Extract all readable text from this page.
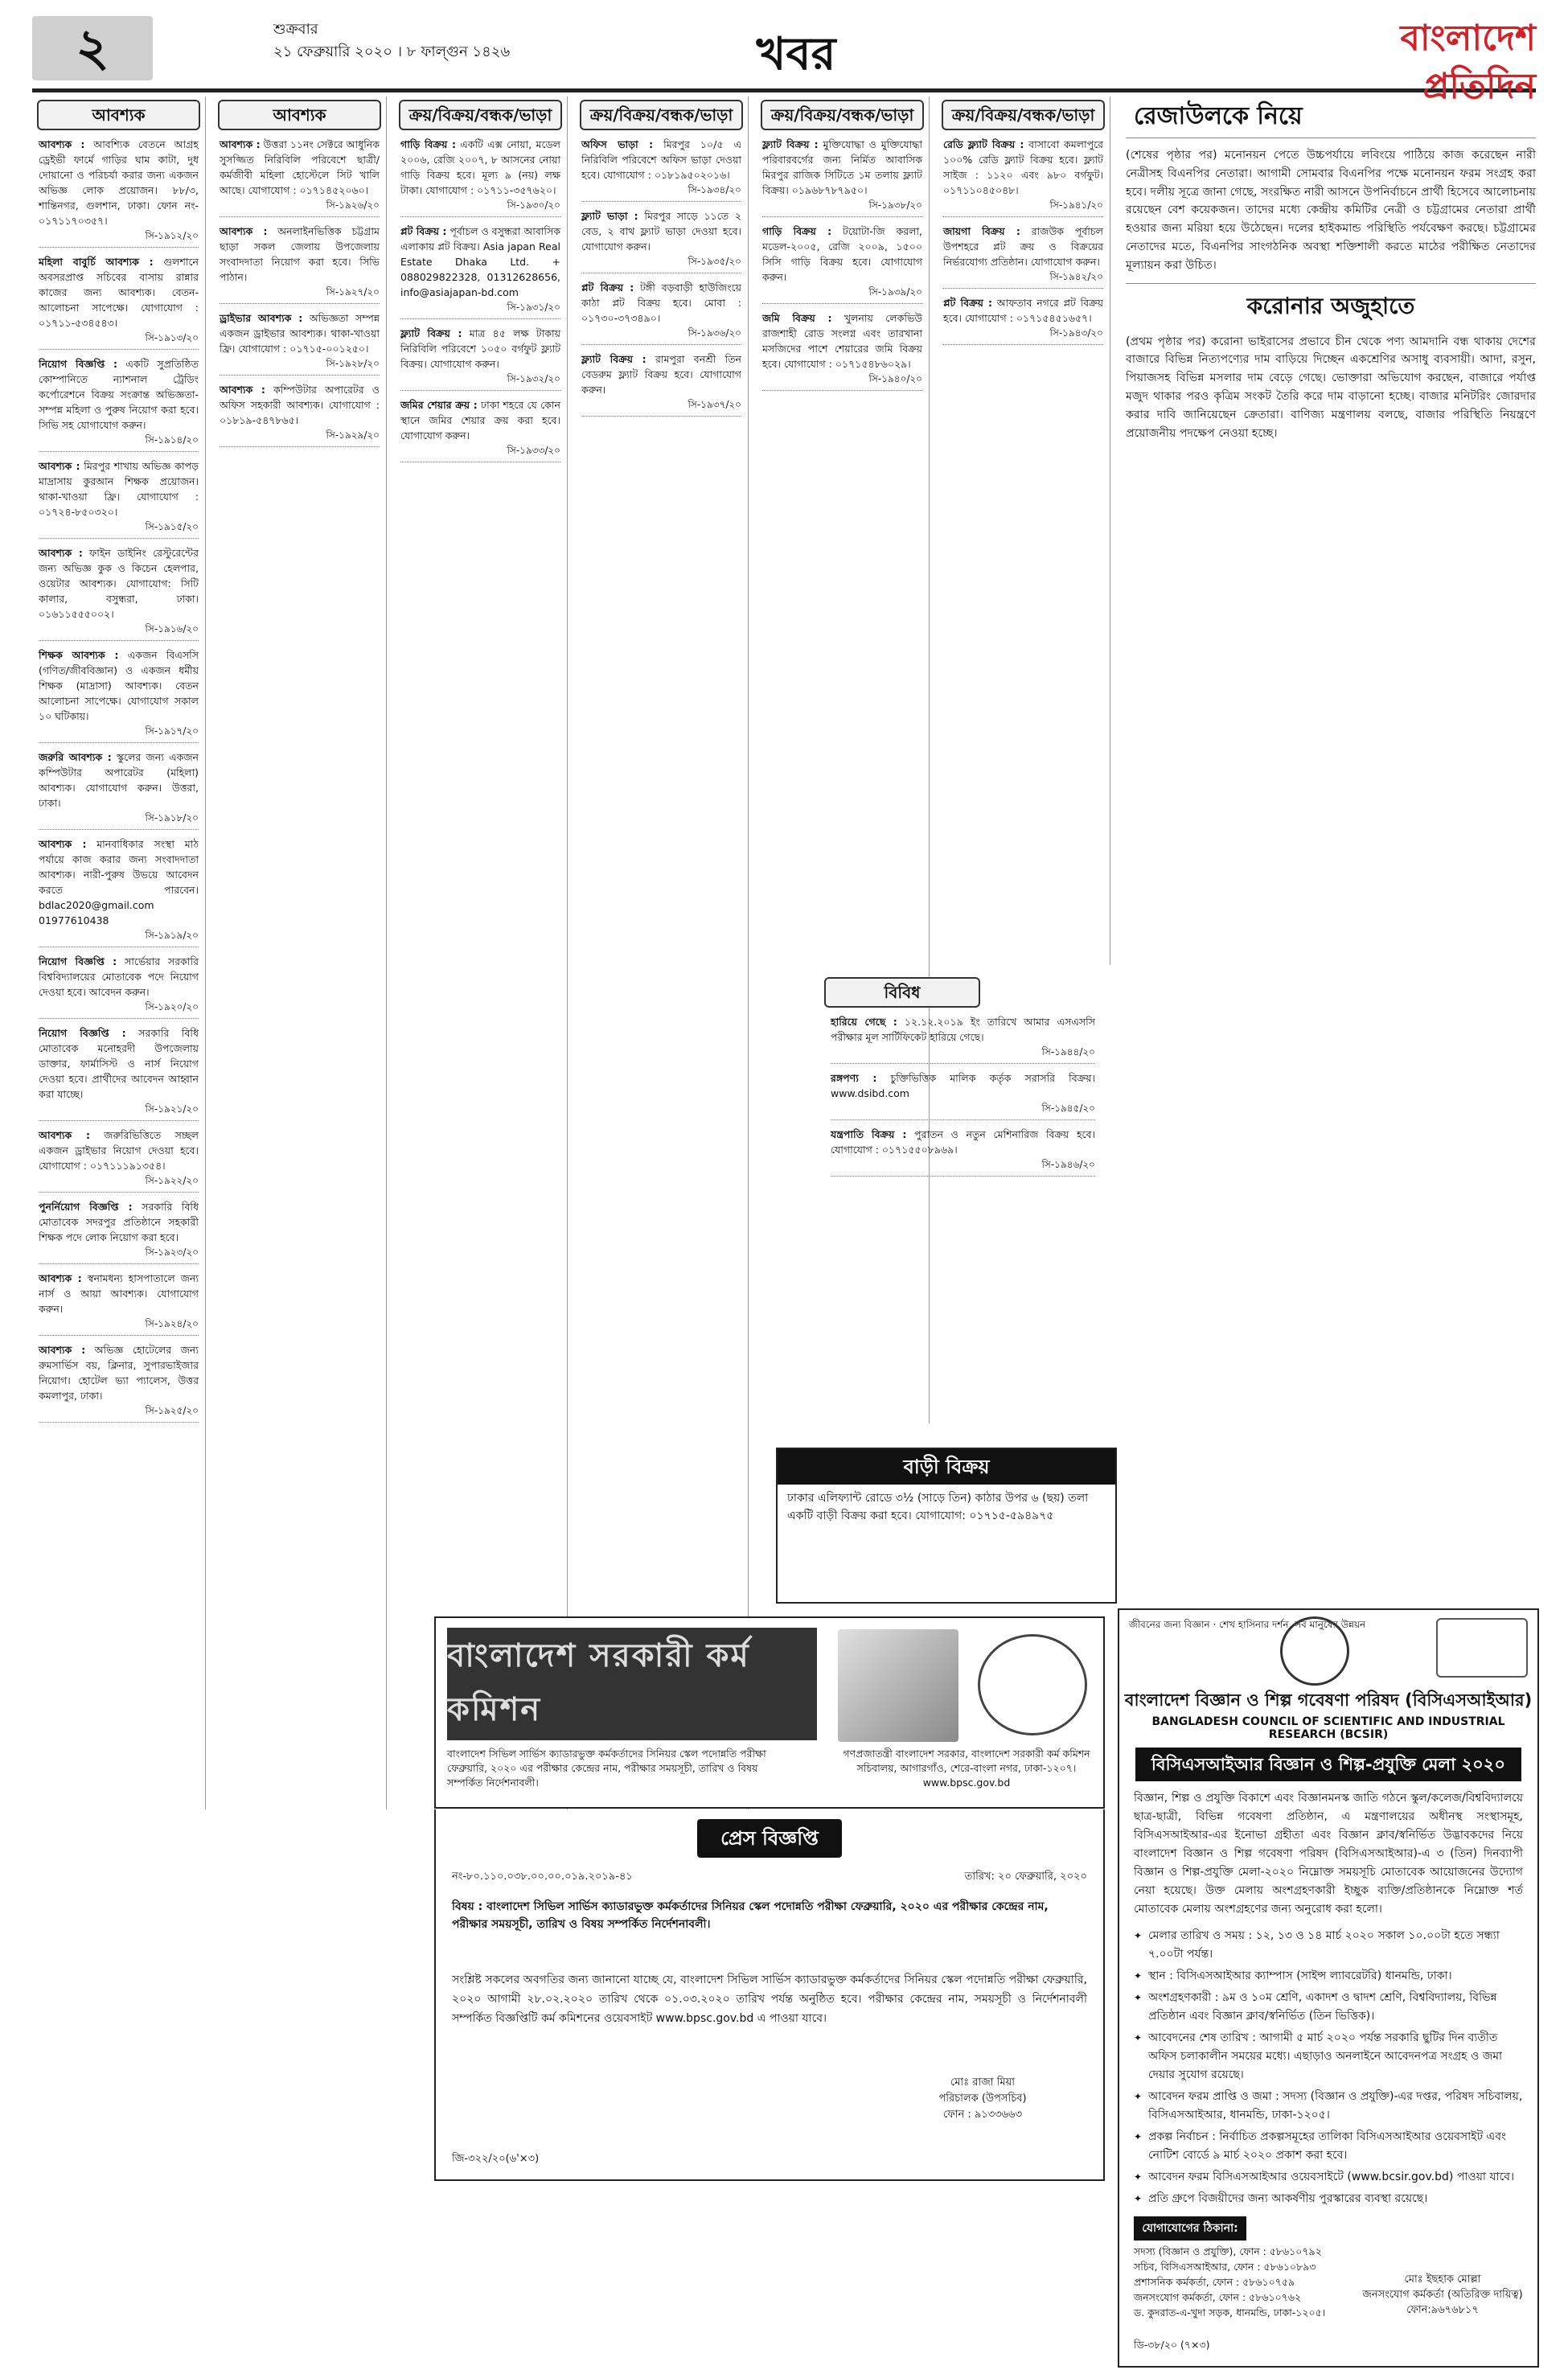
২	শুক্রবার
২১ ফেব্রুয়ারি ২০২০ । ৮ ফাল্গুন ১৪২৬	খবর	বাংলাদেশ প্রতিদিন
আবশ্যক
আবশ্যক : আবশ্যিক বেতনে আগ্রহ ড্রেইভী ফার্মে গাড়ির ঘাম কাটা, দুধ দোয়ানো ও পরিচর্যা করার জন্য একজন অভিজ্ঞ লোক প্রয়োজন। ৮৮/৩, শান্তিনগর, গুলশান, ঢাকা। ফোন নং- ০১৭১১৭০৩৫৭।
সি-১৯১২/২০
মহিলা বাবুর্চি আবশ্যক : গুলশানে অবসরপ্রাপ্ত সচিবের বাসায় রান্নার কাজের জন্য আবশ্যক। বেতন-আলোচনা সাপেক্ষে। যোগাযোগ : ০১৭১১-৫৩৪৫৪৩।
সি-১৯১৩/২০
নিয়োগ বিজ্ঞপ্তি : একটি সুপ্রতিষ্ঠিত কোম্পানিতে ন্যাশনাল ট্রেডিং কর্পোরেশনে বিক্রয় সংক্রান্ত অভিজ্ঞতা-সম্পন্ন মহিলা ও পুরুষ নিয়োগ করা হবে। সিভি সহ যোগাযোগ করুন।
সি-১৯১৪/২০
আবশ্যক : মিরপুর শাখায় অভিজ্ঞ কাপড় মাদ্রাসায় কুরআন শিক্ষক প্রয়োজন। থাকা-খাওয়া ফ্রি। যোগাযোগ : ০১৭২৪-৮৫০৩২০।
সি-১৯১৫/২০
আবশ্যক : ফাইন ডাইনিং রেস্টুরেন্টের জন্য অভিজ্ঞ কুক ও কিচেন হেলপার, ওয়েটার আবশ্যক। যোগাযোগ: সিটি কালার, বসুন্ধরা, ঢাকা। ০১৬১১৫৫৫০০২।
সি-১৯১৬/২০
শিক্ষক আবশ্যক : একজন বিএসসি (গণিত/জীববিজ্ঞান) ও একজন ধর্মীয় শিক্ষক (মাদ্রাসা) আবশ্যক। বেতন আলোচনা সাপেক্ষে। যোগাযোগ সকাল ১০ ঘটিকায়।
সি-১৯১৭/২০
জরুরি আবশ্যক : স্কুলের জন্য একজন কম্পিউটার অপারেটর (মহিলা) আবশ্যক। যোগাযোগ করুন। উত্তরা, ঢাকা।
সি-১৯১৮/২০
আবশ্যক : মানবাধিকার সংস্থা মাঠ পর্যায়ে কাজ করার জন্য সংবাদদাতা আবশ্যক। নারী-পুরুষ উভয়ে আবেদন করতে পারবেন। bdlac2020@gmail.com 01977610438
সি-১৯১৯/২০
নিয়োগ বিজ্ঞপ্তি : সার্ভেয়ার সরকারি বিশ্ববিদ্যালয়ের মোতাবেক পদে নিয়োগ দেওয়া হবে। আবেদন করুন।
সি-১৯২০/২০
নিয়োগ বিজ্ঞপ্তি : সরকারি বিধি মোতাবেক মনোহরদী উপজেলায় ডাক্তার, ফার্মাসিস্ট ও নার্স নিয়োগ দেওয়া হবে। প্রার্থীদের আবেদন আহ্বান করা যাচ্ছে।
সি-১৯২১/২০
আবশ্যক : জরুরিভিত্তিতে সচ্ছল একজন ড্রাইভার নিয়োগ দেওয়া হবে। যোগাযোগ : ০১৭১১১৯১৩৫৪।
সি-১৯২২/২০
পুনর্নিয়োগ বিজ্ঞপ্তি : সরকারি বিধি মোতাবেক সদরপুর প্রতিষ্ঠানে সহকারী শিক্ষক পদে লোক নিয়োগ করা হবে।
সি-১৯২৩/২০
আবশ্যক : স্বনামধন্য হাসপাতালে জন্য নার্স ও আয়া আবশ্যক। যোগাযোগ করুন।
সি-১৯২৪/২০
আবশ্যক : অভিজ্ঞ হোটেলের জন্য রুমসার্ভিস বয়, ক্লিনার, সুপারভাইজার নিয়োগ। হোটেল ভ্যা প্যালেস, উত্তর কমলাপুর, ঢাকা।
সি-১৯২৫/২০
আবশ্যক
আবশ্যক : উত্তরা ১১নং সেক্টরে আধুনিক সুসজ্জিত নিরিবিলি পরিবেশে ছাত্রী/কর্মজীবী মহিলা হোস্টেলে সিট খালি আছে। যোগাযোগ : ০১৭১৪৫২০৬০।
সি-১৯২৬/২০
আবশ্যক : অনলাইনভিত্তিক চট্টগ্রাম ছাড়া সকল জেলায় উপজেলায় সংবাদদাতা নিয়োগ করা হবে। সিভি পাঠান।
সি-১৯২৭/২০
ড্রাইভার আবশ্যক : অভিজ্ঞতা সম্পন্ন একজন ড্রাইভার আবশ্যক। থাকা-খাওয়া ফ্রি। যোগাযোগ : ০১৭১৫-০০১২৫০।
সি-১৯২৮/২০
আবশ্যক : কম্পিউটার অপারেটর ও অফিস সহকারী আবশ্যক। যোগাযোগ : ০১৮১৯-৫৪৭৮৬৫।
সি-১৯২৯/২০
ক্রয়/বিক্রয়/বন্ধক/ভাড়া
গাড়ি বিক্রয় : একটি এক্স নোয়া, মডেল ২০০৬, রেজি ২০০৭, ৮ আসনের নোয়া গাড়ি বিক্রয় হবে। মূল্য ৯ (নয়) লক্ষ টাকা। যোগাযোগ : ০১৭১১-৩৫৭৬২০।
সি-১৯৩০/২০
প্লট বিক্রয় : পূর্বাচল ও বসুন্ধরা আবাসিক এলাকায় প্লট বিক্রয়। Asia japan Real Estate Dhaka Ltd. + 088029822328, 01312628656, info@asiajapan-bd.com
সি-১৯৩১/২০
ফ্ল্যাট বিক্রয় : মাত্র ৪৫ লক্ষ টাকায় নিরিবিলি পরিবেশে ১০৫০ বর্গফুট ফ্ল্যাট বিক্রয়। যোগাযোগ করুন।
সি-১৯৩২/২০
জমির শেয়ার ক্রয় : ঢাকা শহরে যে কোন স্থানে জমির শেয়ার ক্রয় করা হবে। যোগাযোগ করুন।
সি-১৯৩৩/২০
ক্রয়/বিক্রয়/বন্ধক/ভাড়া
অফিস ভাড়া : মিরপুর ১০/৫ এ নিরিবিলি পরিবেশে অফিস ভাড়া দেওয়া হবে। যোগাযোগ : ০১৮১৯৫০২০১৬।
সি-১৯৩৪/২০
ফ্ল্যাট ভাড়া : মিরপুর সাড়ে ১১তে ২ বেড, ২ বাথ ফ্ল্যাট ভাড়া দেওয়া হবে। যোগাযোগ করুন।
সি-১৯৩৫/২০
প্লট বিক্রয় : টঙ্গী বড়বাড়ী হাউজিংয়ে কাঠা প্লট বিক্রয় হবে। মোবা : ০১৭৩০-৩৭৩৪৯০।
সি-১৯৩৬/২০
ফ্ল্যাট বিক্রয় : রামপুরা বনশ্রী তিন বেডরুম ফ্ল্যাট বিক্রয় হবে। যোগাযোগ করুন।
সি-১৯৩৭/২০
ক্রয়/বিক্রয়/বন্ধক/ভাড়া
ফ্ল্যাট বিক্রয় : মুক্তিযোদ্ধা ও মুক্তিযোদ্ধা পরিবারবর্গের জন্য নির্মিত আবাসিক মিরপুর রাজিক সিটিতে ১ম তলায় ফ্ল্যাট বিক্রয়। ০১৯৬৮৭৮৭৯৫০।
সি-১৯৩৮/২০
গাড়ি বিক্রয় : টয়োটা-জি করলা, মডেল-২০০৫, রেজি ২০০৯, ১৫০০ সিসি গাড়ি বিক্রয় হবে। যোগাযোগ করুন।
সি-১৯৩৯/২০
জমি বিক্রয় : খুলনায় লেকভিউ রাজশাহী রোড সংলগ্ন এবং তারখানা মসজিদের পাশে শেয়ারের জমি বিক্রয় হবে। যোগাযোগ : ০১৭১৫৪৮৬০২৯।
সি-১৯৪০/২০
ক্রয়/বিক্রয়/বন্ধক/ভাড়া
রেডি ফ্ল্যাট বিক্রয় : বাসাবো কমলাপুরে ১০০% রেডি ফ্ল্যাট বিক্রয় হবে। ফ্ল্যাট সাইজ : ১১২০ এবং ৯৮০ বর্গফুট। ০১৭১১০৪৫০৪৮।
সি-১৯৪১/২০
জায়গা বিক্রয় : রাজউক পূর্বাচল উপশহরে প্লট ক্রয় ও বিক্রয়ের নির্ভরযোগ্য প্রতিষ্ঠান। যোগাযোগ করুন।
সি-১৯৪২/২০
প্লট বিক্রয় : আফতাব নগরে প্লট বিক্রয় হবে। যোগাযোগ : ০১৭১৫৪৫১৬৫৭।
সি-১৯৪৩/২০
বিবিধ
হারিয়ে গেছে : ১২.১২.২০১৯ ইং তারিখে আমার এসএসসি পরীক্ষার মূল সার্টিফিকেট হারিয়ে গেছে।
সি-১৯৪৪/২০
রঙ্গপণ্য : চুক্তিভিত্তিক মালিক কর্তৃক সরাসরি বিক্রয়। www.dsibd.com
সি-১৯৪৫/২০
যন্ত্রপাতি বিক্রয় : পুরাতন ও নতুন মেশিনারিজ বিক্রয় হবে। যোগাযোগ : ০১৭১৫৫০৮৯৬৯।
সি-১৯৪৬/২০
রেজাউলকে নিয়ে
(শেষের পৃষ্ঠার পর) মনোনয়ন পেতে উচ্চপর্যায়ে লবিংয়ে পাঠিয়ে কাজ করেছেন নারী নেত্রীসহ বিএনপির নেতারা। আগামী সোমবার বিএনপির পক্ষে মনোনয়ন ফরম সংগ্রহ করা হবে। দলীয় সূত্রে জানা গেছে, সংরক্ষিত নারী আসনে উপনির্বাচনে প্রার্থী হিসেবে আলোচনায় রয়েছেন বেশ কয়েকজন। তাদের মধ্যে কেন্দ্রীয় কমিটির নেত্রী ও চট্টগ্রামের নেতারা প্রার্থী হওয়ার জন্য মরিয়া হয়ে উঠেছেন। দলের হাইকমান্ড পরিস্থিতি পর্যবেক্ষণ করছে। চট্টগ্রামের নেতাদের মতে, বিএনপির সাংগঠনিক অবস্থা শক্তিশালী করতে মাঠের পরীক্ষিত নেতাদের মূল্যায়ন করা উচিত।
করোনার অজুহাতে
(প্রথম পৃষ্ঠার পর) করোনা ভাইরাসের প্রভাবে চীন থেকে পণ্য আমদানি বন্ধ থাকায় দেশের বাজারে বিভিন্ন নিত্যপণ্যের দাম বাড়িয়ে দিচ্ছেন একশ্রেণির অসাধু ব্যবসায়ী। আদা, রসুন, পিয়াজসহ বিভিন্ন মসলার দাম বেড়ে গেছে। ভোক্তারা অভিযোগ করছেন, বাজারে পর্যাপ্ত মজুদ থাকার পরও কৃত্রিম সংকট তৈরি করে দাম বাড়ানো হচ্ছে। বাজার মনিটরিং জোরদার করার দাবি জানিয়েছেন ক্রেতারা। বাণিজ্য মন্ত্রণালয় বলছে, বাজার পরিস্থিতি নিয়ন্ত্রণে প্রয়োজনীয় পদক্ষেপ নেওয়া হচ্ছে।
বাড়ী বিক্রয়
ঢাকার এলিফ্যান্ট রোডে ৩½ (সাড়ে তিন) কাঠার উপর ৬ (ছয়) তলা একটি বাড়ী বিক্রয় করা হবে। যোগাযোগ: ০১৭১৫-৫৯৪৯৭৫
বাংলাদেশ সরকারী কর্ম কমিশন
বাংলাদেশ সিভিল সার্ভিস ক্যাডারভুক্ত কর্মকর্তাদের সিনিয়র স্কেল পদোন্নতি পরীক্ষা ফেব্রুয়ারি, ২০২০ এর পরীক্ষার কেন্দ্রের নাম, পরীক্ষার সময়সূচী, তারিখ ও বিষয় সম্পর্কিত নির্দেশনাবলী।
গণপ্রজাতন্ত্রী বাংলাদেশ সরকার, বাংলাদেশ সরকারী কর্ম কমিশন সচিবালয়, আগারগাঁও, শেরে-বাংলা নগর, ঢাকা-১২০৭। www.bpsc.gov.bd
প্রেস বিজ্ঞপ্তি
নং-৮০.১১০.০৩৮.০০.০০.০১৯.২০১৯-৪১	তারিখ: ২০ ফেব্রুয়ারি, ২০২০
বিষয় : বাংলাদেশ সিভিল সার্ভিস ক্যাডারভুক্ত কর্মকর্তাদের সিনিয়র স্কেল পদোন্নতি পরীক্ষা ফেব্রুয়ারি, ২০২০ এর পরীক্ষার কেন্দ্রের নাম, পরীক্ষার সময়সূচী, তারিখ ও বিষয় সম্পর্কিত নির্দেশনাবলী।
সংশ্লিষ্ট সকলের অবগতির জন্য জানানো যাচ্ছে যে, বাংলাদেশ সিভিল সার্ভিস ক্যাডারভুক্ত কর্মকর্তাদের সিনিয়র স্কেল পদোন্নতি পরীক্ষা ফেব্রুয়ারি, ২০২০ আগামী ২৮.০২.২০২০ তারিখ থেকে ০১.০৩.২০২০ তারিখ পর্যন্ত অনুষ্ঠিত হবে। পরীক্ষার কেন্দ্রের নাম, সময়সূচী ও নির্দেশনাবলী সম্পর্কিত বিজ্ঞপ্তিটি কর্ম কমিশনের ওয়েবসাইট www.bpsc.gov.bd এ পাওয়া যাবে।
মোঃ রাজা মিয়া
পরিচালক (উপসচিব)
ফোন : ৯১৩৩৬৬৩
জি-৩২২/২০(৬'×৩)
জীবনের জন্য বিজ্ঞান · শেখ হাসিনার দর্শন, সব মানুষের উন্নয়ন
বাংলাদেশ বিজ্ঞান ও শিল্প গবেষণা পরিষদ (বিসিএসআইআর)
BANGLADESH COUNCIL OF SCIENTIFIC AND INDUSTRIAL RESEARCH (BCSIR)
বিসিএসআইআর বিজ্ঞান ও শিল্প-প্রযুক্তি মেলা ২০২০
বিজ্ঞান, শিল্প ও প্রযুক্তি বিকাশে এবং বিজ্ঞানমনস্ক জাতি গঠনে স্কুল/কলেজ/বিশ্ববিদ্যালয়ে ছাত্র-ছাত্রী, বিভিন্ন গবেষণা প্রতিষ্ঠান, এ মন্ত্রণালয়ের অধীনস্থ সংস্থাসমূহ, বিসিএসআইআর-এর ইনোভা গ্রহীতা এবং বিজ্ঞান ক্লাব/স্বনির্ভিত উদ্ভাবকদের নিয়ে বাংলাদেশ বিজ্ঞান ও শিল্প গবেষণা পরিষদ (বিসিএসআইআর)-এ ৩ (তিন) দিনব্যাপী বিজ্ঞান ও শিল্প-প্রযুক্তি মেলা-২০২০ নিম্নোক্ত সময়সূচি মোতাবেক আয়োজনের উদ্যোগ নেয়া হয়েছে। উক্ত মেলায় অংশগ্রহণকারী ইচ্ছুক ব্যক্তি/প্রতিষ্ঠানকে নিম্নোক্ত শর্ত মোতাবেক মেলায় অংশগ্রহণের জন্য অনুরোধ করা হলো।
✦ মেলার তারিখ ও সময় : ১২, ১৩ ও ১৪ মার্চ ২০২০ সকাল ১০.০০টা হতে সন্ধ্যা ৭.০০টা পর্যন্ত।
✦ স্থান : বিসিএসআইআর ক্যাম্পাস (সাইন্স ল্যাবরেটরি) ধানমন্ডি, ঢাকা।
✦ অংশগ্রহণকারী : ৯ম ও ১০ম শ্রেণি, একাদশ ও দ্বাদশ শ্রেণি, বিশ্ববিদ্যালয়, বিভিন্ন প্রতিষ্ঠান এবং বিজ্ঞান ক্লাব/স্বনির্ভিত (তিন ভিত্তিক)।
✦ আবেদনের শেষ তারিখ : আগামী ৫ মার্চ ২০২০ পর্যন্ত সরকারি ছুটির দিন ব্যতীত অফিস চলাকালীন সময়ের মধ্যে। এছাড়াও অনলাইনে আবেদনপত্র সংগ্রহ ও জমা দেয়ার সুযোগ রয়েছে।
✦ আবেদন ফরম প্রাপ্তি ও জমা : সদস্য (বিজ্ঞান ও প্রযুক্তি)-এর দপ্তর, পরিষদ সচিবালয়, বিসিএসআইআর, ধানমন্ডি, ঢাকা-১২০৫।
✦ প্রকল্প নির্বাচন : নির্বাচিত প্রকল্পসমূহের তালিকা বিসিএসআইআর ওয়েবসাইট এবং নোটিশ বোর্ডে ৯ মার্চ ২০২০ প্রকাশ করা হবে।
✦ আবেদন ফরম বিসিএসআইআর ওয়েবসাইটে (www.bcsir.gov.bd) পাওয়া যাবে।
✦ প্রতি গ্রুপে বিজয়ীদের জন্য আকর্ষণীয় পুরস্কারের ব্যবস্থা রয়েছে।
যোগাযোগের ঠিকানা:
সদস্য (বিজ্ঞান ও প্রযুক্তি), ফোন : ৫৮৬১০৭৯২
সচিব, বিসিএসআইআর, ফোন : ৫৮৬১০৮৯৩
প্রশাসনিক কর্মকর্তা, ফোন : ৫৮৬১০৭৫৯
জনসংযোগ কর্মকর্তা, ফোন : ৫৮৬১০৭৬২
ড. কুদরাত-এ-খুদা সড়ক, ধানমন্ডি, ঢাকা-১২০৫।
মোঃ ইছহাক মোল্লা
জনসংযোগ কর্মকর্তা (অতিরিক্ত দায়িত্ব)
ফোন:৯৬৭৬৮১৭
ডি-৩৮/২০ (৭×৩)
